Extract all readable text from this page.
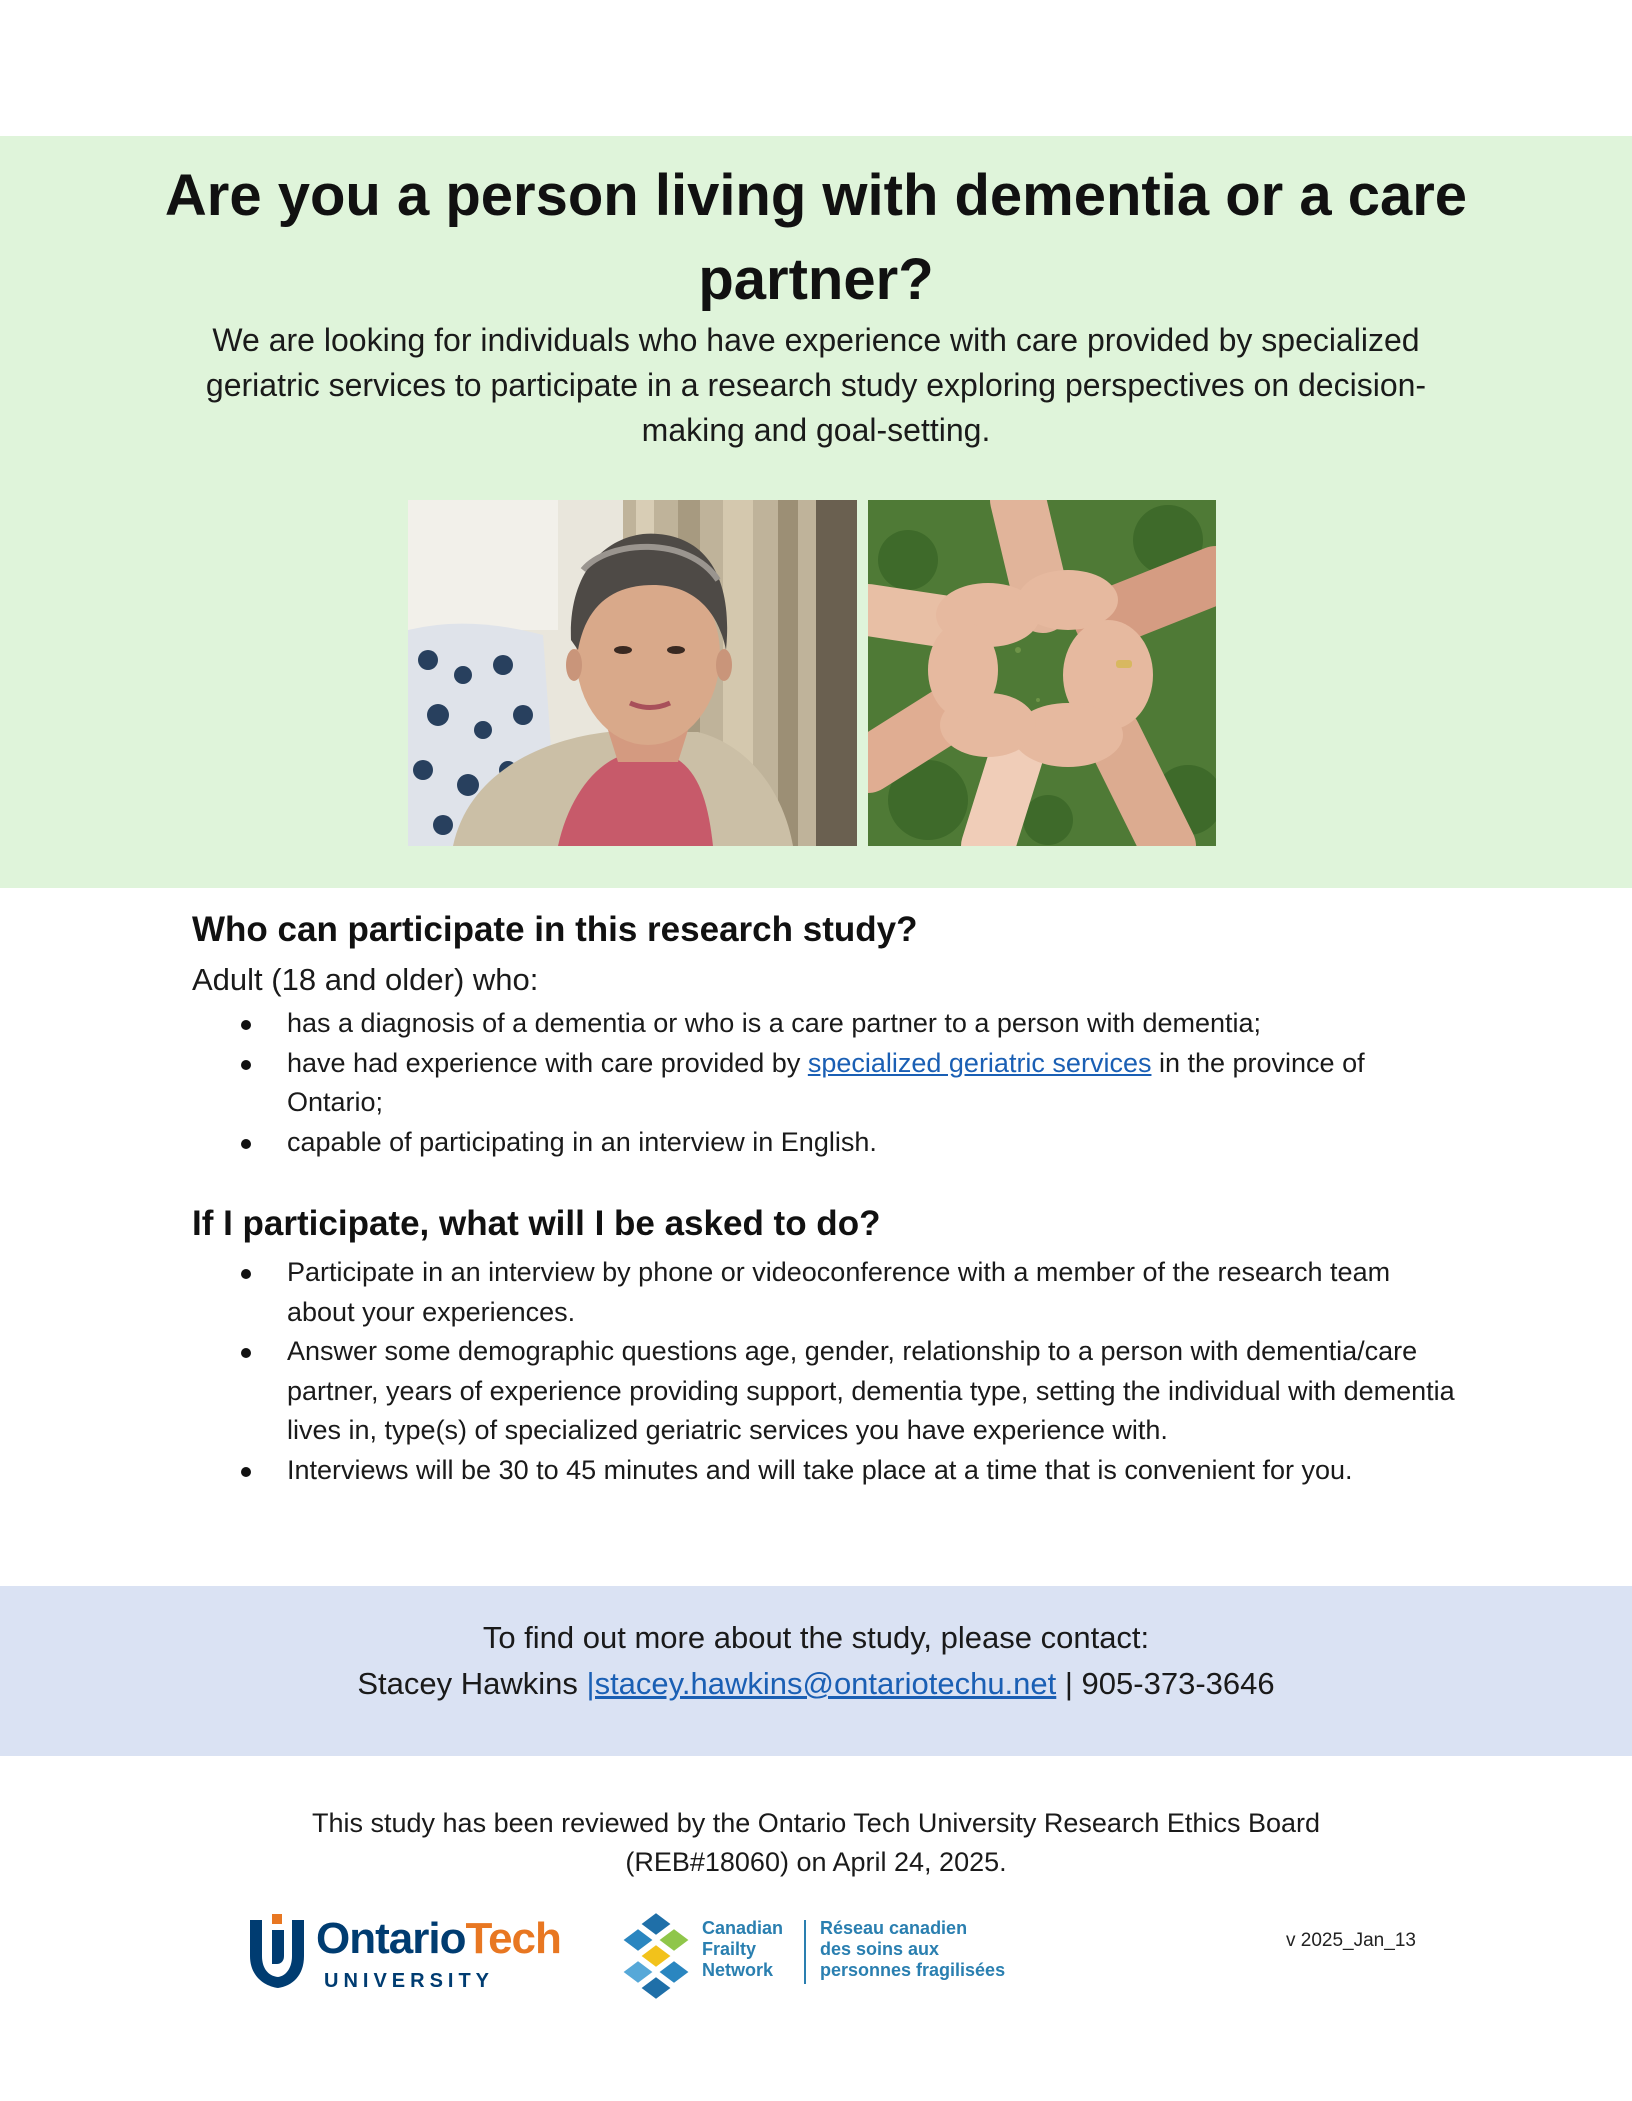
Are you a person living with dementia or a care partner?

We are looking for individuals who have experience with care provided by specialized geriatric services to participate in a research study exploring perspectives on decision-making and goal-setting.

Who can participate in this research study?
Adult (18 and older) who:
has a diagnosis of a dementia or who is a care partner to a person with dementia;
have had experience with care provided by specialized geriatric services in the province of Ontario;
capable of participating in an interview in English.
If I participate, what will I be asked to do?
Participate in an interview by phone or videoconference with a member of the research team about your experiences.
Answer some demographic questions age, gender, relationship to a person with dementia/care partner, years of experience providing support, dementia type, setting the individual with dementia lives in, type(s) of specialized geriatric services you have experience with.
Interviews will be 30 to 45 minutes and will take place at a time that is convenient for you.
To find out more about the study, please contact:
Stacey Hawkins |stacey.hawkins@ontariotechu.net | 905-373-3646
This study has been reviewed by the Ontario Tech University Research Ethics Board (REB#18060) on April 24, 2025.
OntarioTech
UNIVERSITY
Canadian
Frailty
Network
Réseau canadien
des soins aux
personnes fragilisées
v 2025_Jan_13
